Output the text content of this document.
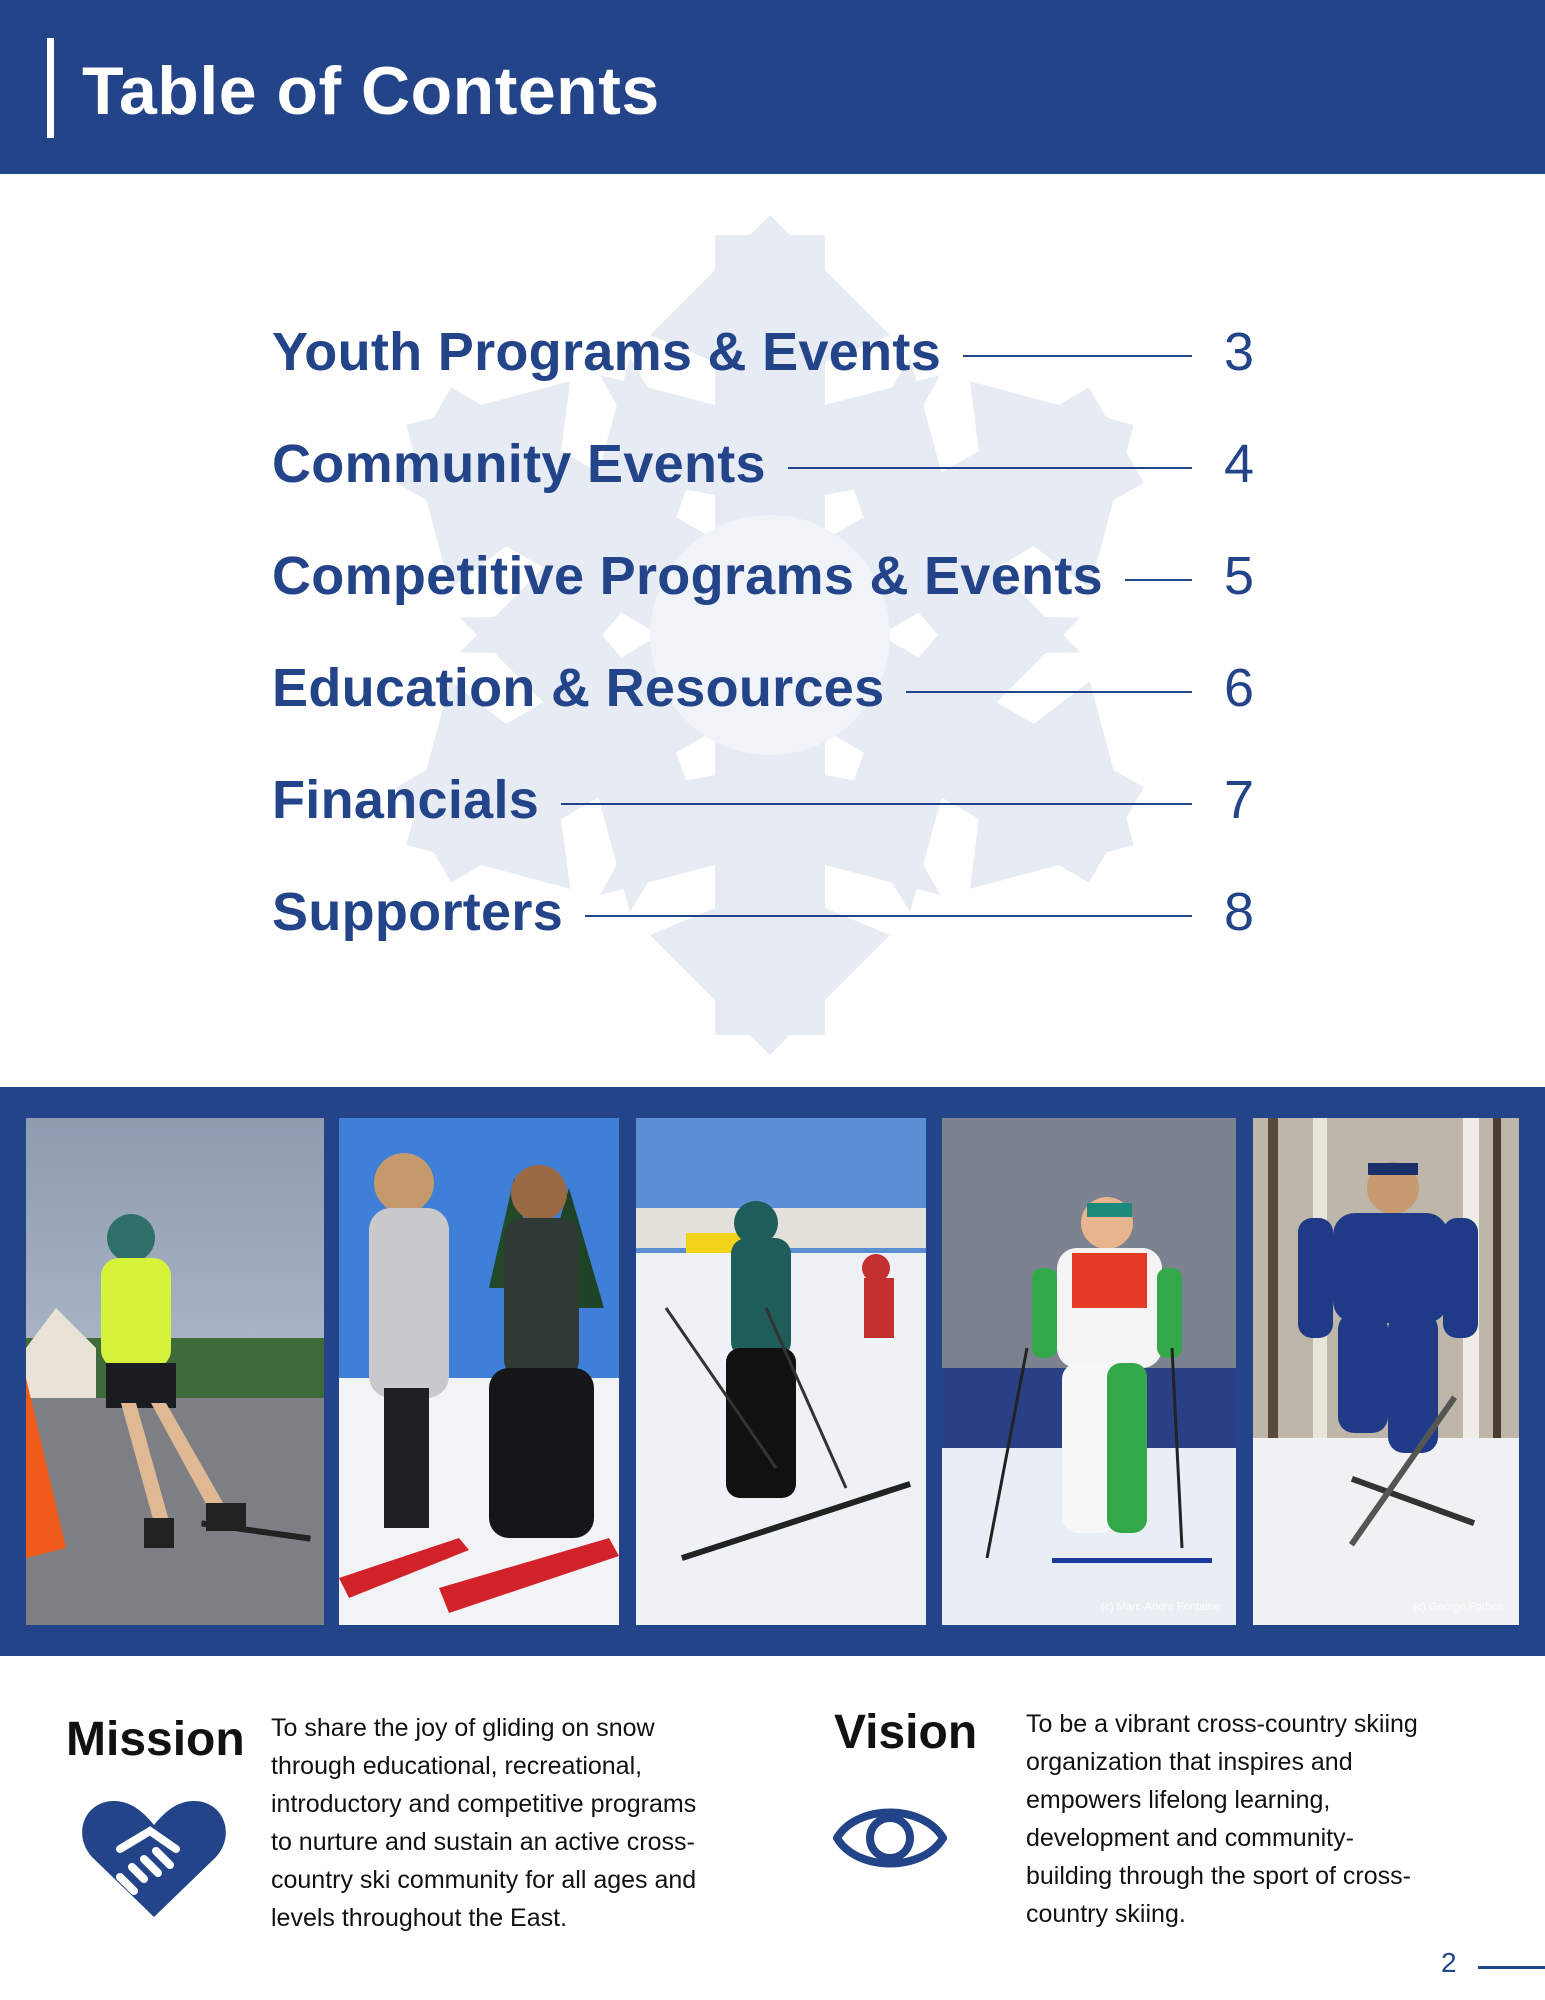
Table of Contents
Youth Programs & Events	3
Community Events	4
Competitive Programs & Events 5
Education & Resources	6
Financials	7
Supporters	8
(c) Marc-Andre Fontaine	(c) George Forbes
Mission To share the joy of gliding on snow
through educational, recreational,
introductory and competitive programs
to nurture and sustain an active cross-
country ski community for all ages and
levels throughout the East.
Vision To be a vibrant cross-country skiing
organization that inspires and
empowers lifelong learning,
development and community-
building through the sport of cross-
country skiing.
2
